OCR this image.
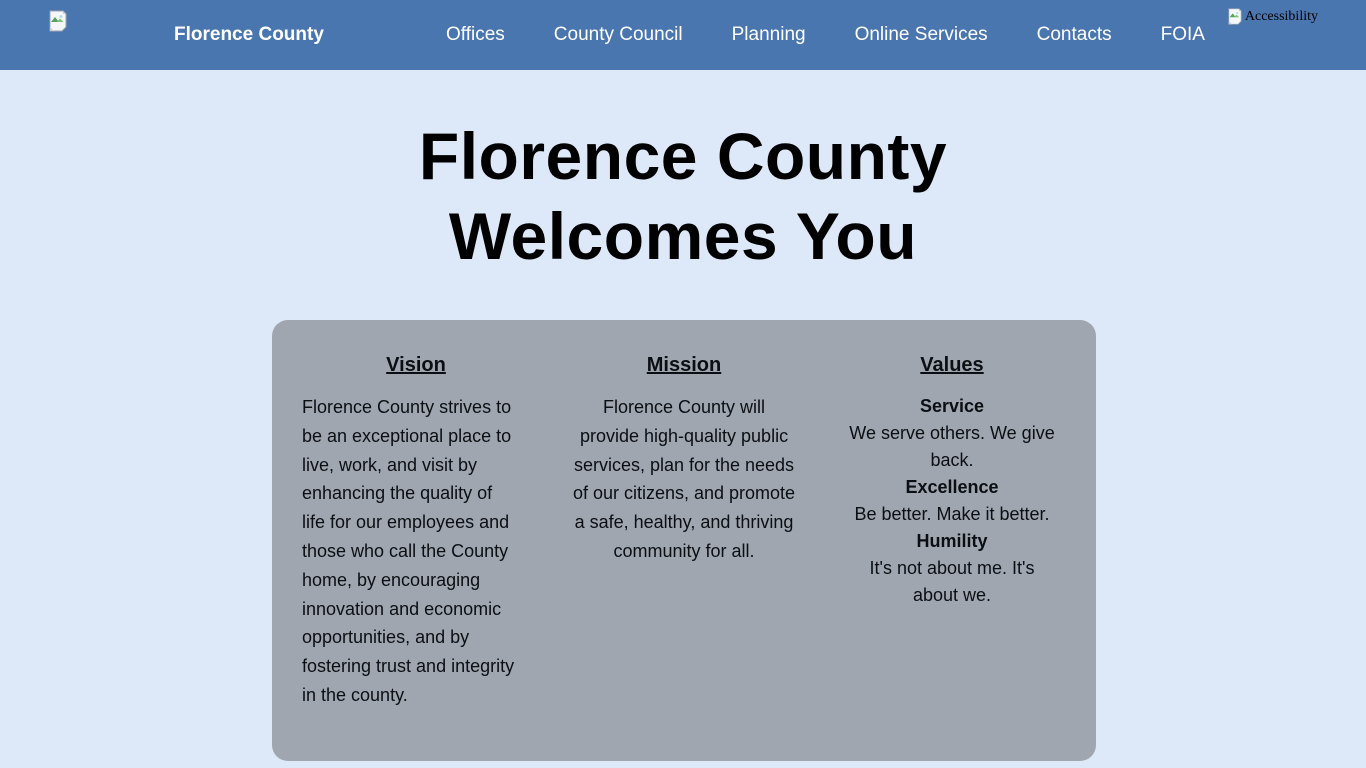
Florence County	Offices	County Council	Planning	Online Services	Contacts	FOIA
Accessibility
Florence County
Welcomes You
Vision

Florence County strives to be an exceptional place to live, work, and visit by enhancing the quality of life for our employees and those who call the County home, by encouraging innovation and economic opportunities, and by fostering trust and integrity in the county.

Mission

Florence County will provide high-quality public services, plan for the needs of our citizens, and promote a safe, healthy, and thriving community for all.

Values
Service
We serve others. We give back.
Excellence
Be better. Make it better.
Humility
It's not about me. It's about we.
